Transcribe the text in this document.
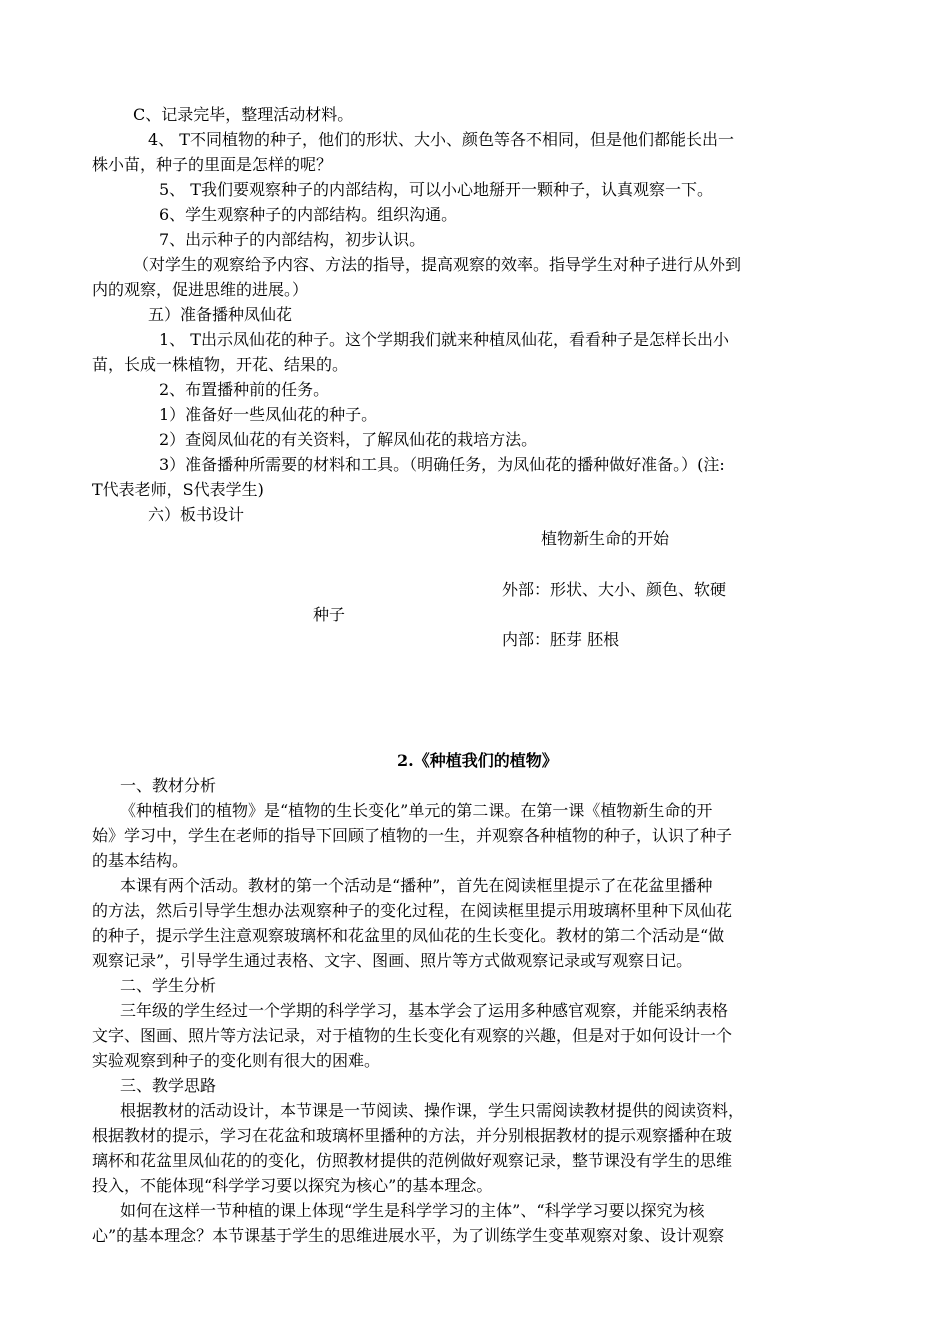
C、记录完毕，整理活动材料。
4、 T不同植物的种子，他们的形状、大小、颜色等各不相同，但是他们都能长出一
株小苗，种子的里面是怎样的呢？
5、 T我们要观察种子的内部结构，可以小心地掰开一颗种子，认真观察一下。
6、学生观察种子的内部结构。组织沟通。
7、出示种子的内部结构，初步认识。
（对学生的观察给予内容、方法的指导，提高观察的效率。指导学生对种子进行从外到
内的观察，促进思维的进展。）
五）准备播种凤仙花
1、 T出示凤仙花的种子。这个学期我们就来种植凤仙花，看看种子是怎样长出小
苗，长成一株植物，开花、结果的。
2、布置播种前的任务。
1）准备好一些凤仙花的种子。
2）查阅凤仙花的有关资料，了解凤仙花的栽培方法。
3）准备播种所需要的材料和工具。（明确任务，为凤仙花的播种做好准备。）(注:
T代表老师，S代表学生)
六）板书设计
植物新生命的开始
外部：形状、大小、颜色、软硬
种子
内部：胚芽 胚根
2.《种植我们的植物》
一、教材分析
《种植我们的植物》是“植物的生长变化”单元的第二课。在第一课《植物新生命的开
始》学习中，学生在老师的指导下回顾了植物的一生，并观察各种植物的种子，认识了种子
的基本结构。
本课有两个活动。教材的第一个活动是“播种”，首先在阅读框里提示了在花盆里播种
的方法，然后引导学生想办法观察种子的变化过程，在阅读框里提示用玻璃杯里种下凤仙花
的种子，提示学生注意观察玻璃杯和花盆里的凤仙花的生长变化。教材的第二个活动是“做
观察记录”，引导学生通过表格、文字、图画、照片等方式做观察记录或写观察日记。
二、学生分析
三年级的学生经过一个学期的科学学习，基本学会了运用多种感官观察，并能采纳表格
文字、图画、照片等方法记录，对于植物的生长变化有观察的兴趣，但是对于如何设计一个
实验观察到种子的变化则有很大的困难。
三、教学思路
根据教材的活动设计，本节课是一节阅读、操作课，学生只需阅读教材提供的阅读资料，
根据教材的提示，学习在花盆和玻璃杯里播种的方法，并分别根据教材的提示观察播种在玻
璃杯和花盆里凤仙花的的变化，仿照教材提供的范例做好观察记录，整节课没有学生的思维
投入，不能体现“科学学习要以探究为核心”的基本理念。
如何在这样一节种植的课上体现“学生是科学学习的主体”、“科学学习要以探究为核
心”的基本理念？本节课基于学生的思维进展水平，为了训练学生变革观察对象、设计观察
